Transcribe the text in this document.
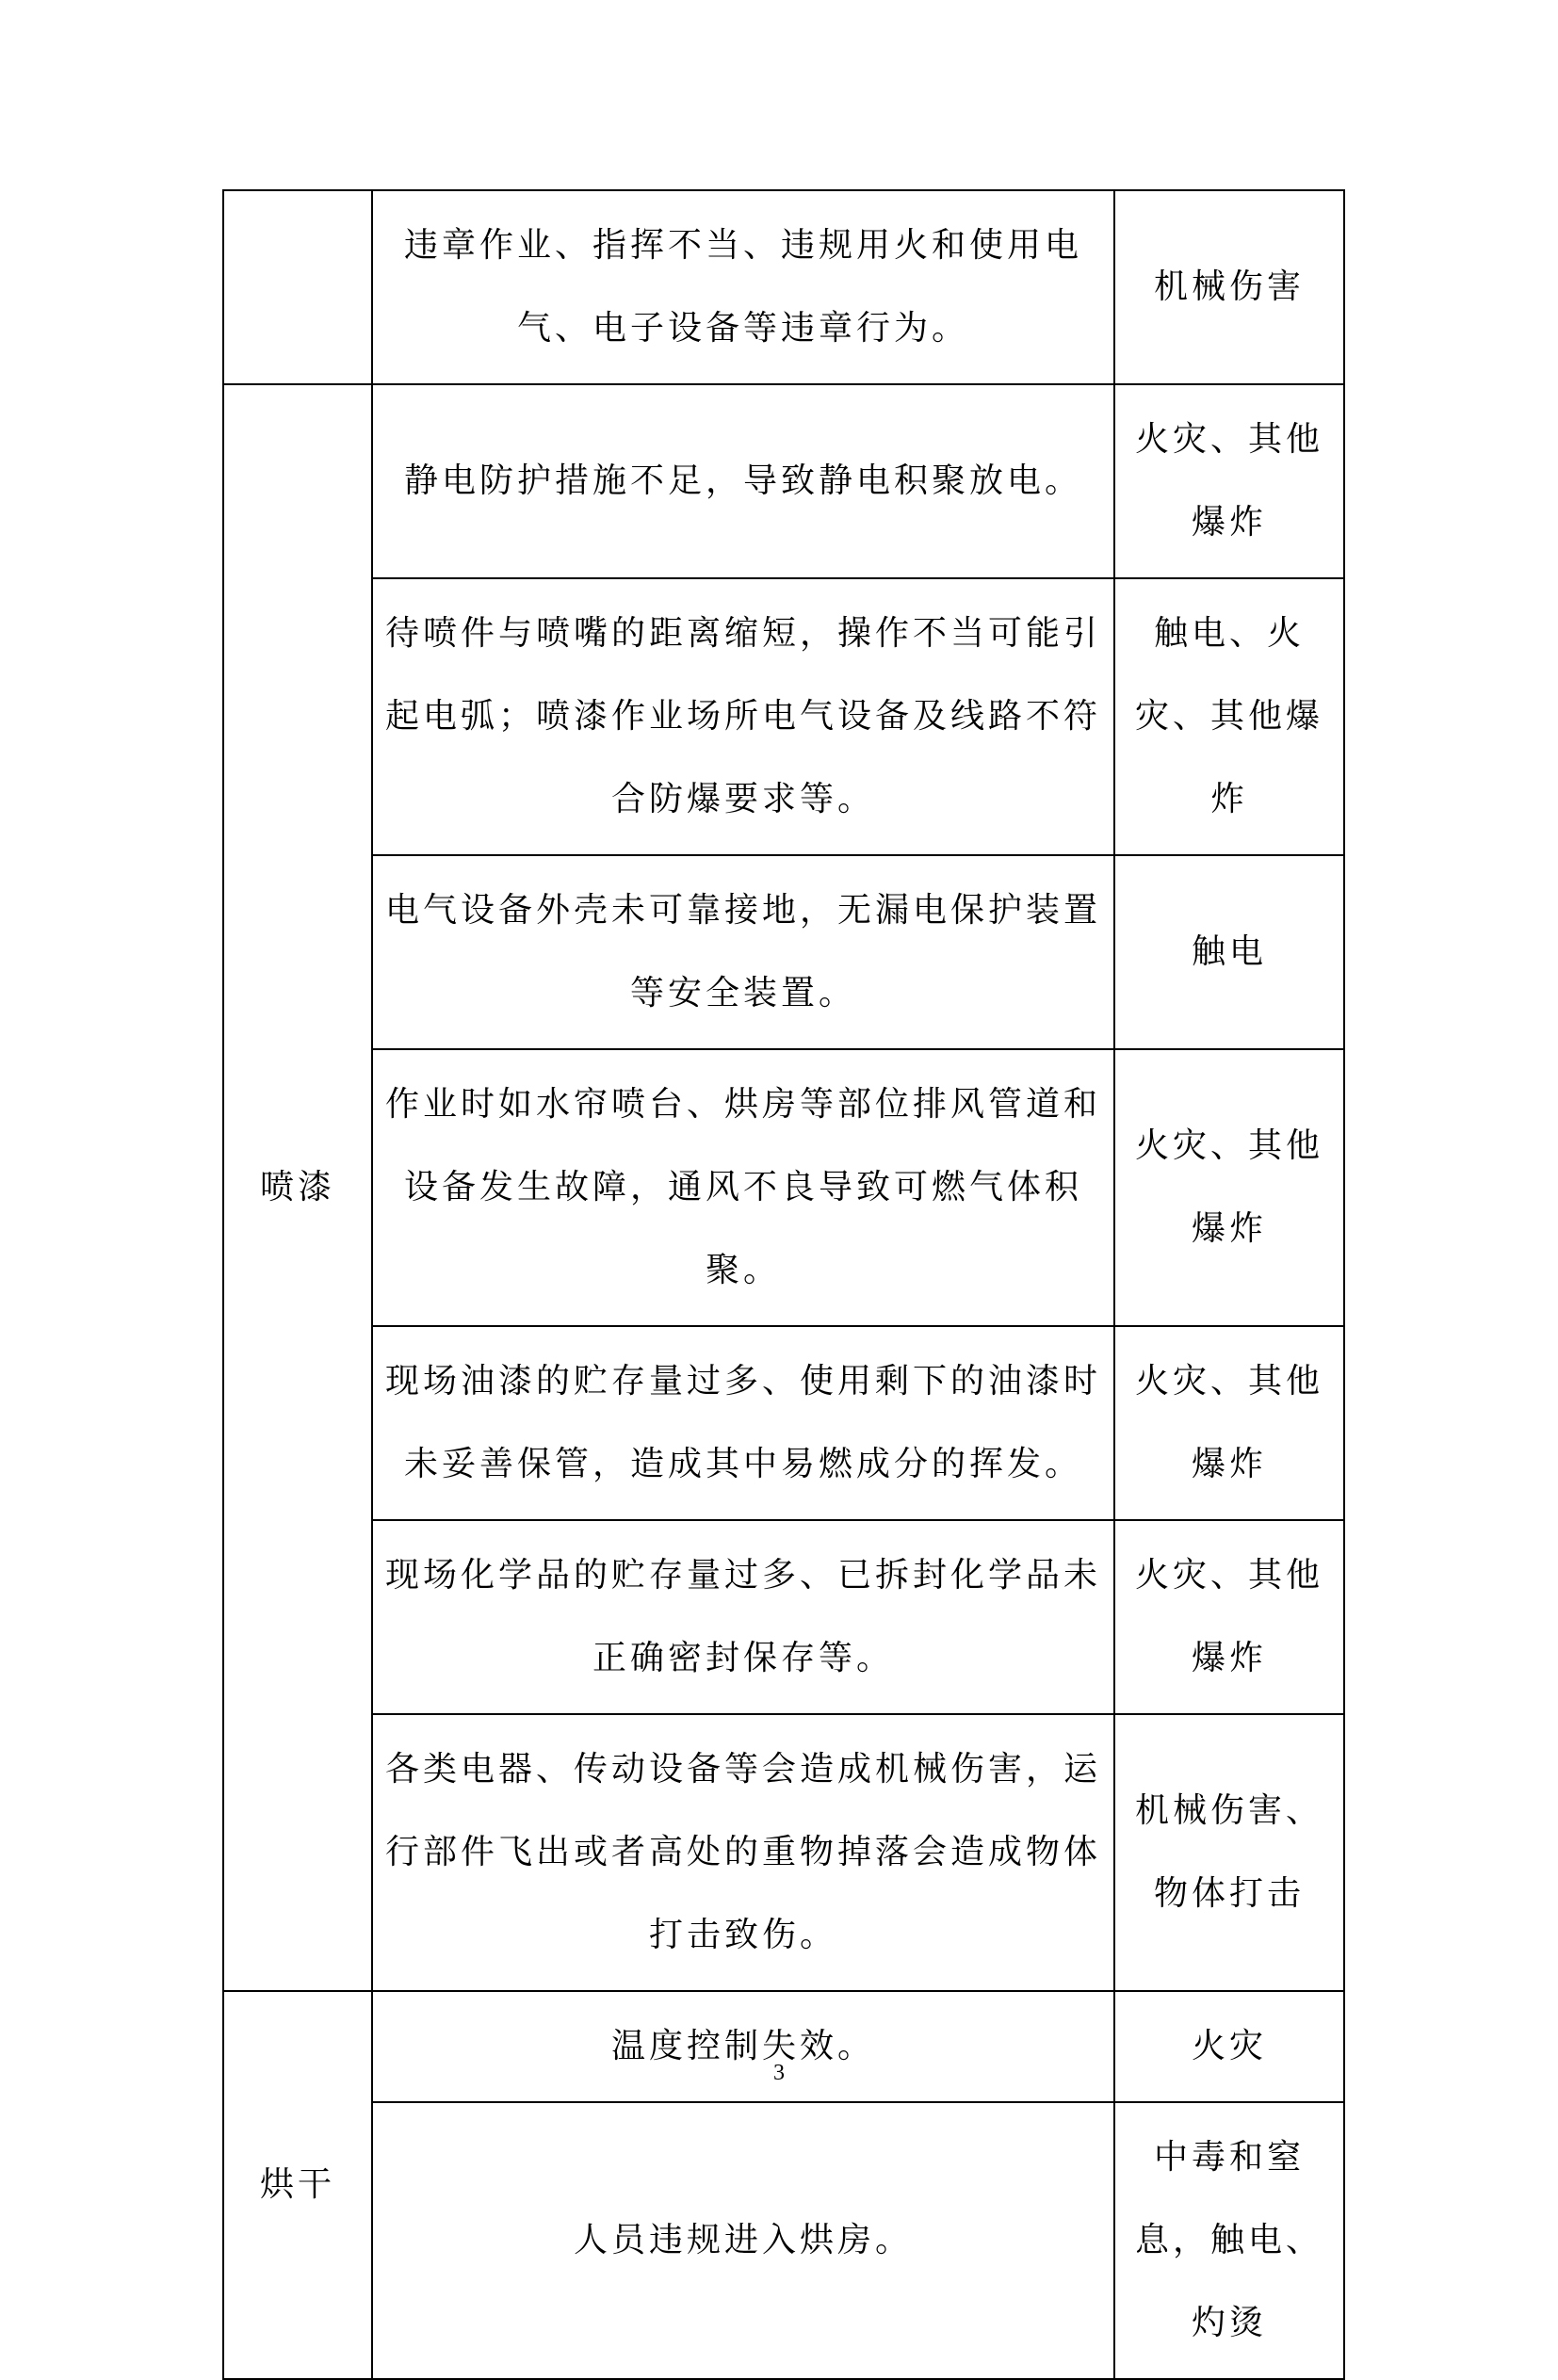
	违章作业、指挥不当、违规用火和使用电气、电子设备等违章行为。	机械伤害
喷漆	静电防护措施不足，导致静电积聚放电。	火灾、其他爆炸
	待喷件与喷嘴的距离缩短，操作不当可能引起电弧；喷漆作业场所电气设备及线路不符合防爆要求等。	触电、火灾、其他爆炸
	电气设备外壳未可靠接地，无漏电保护装置等安全装置。	触电
	作业时如水帘喷台、烘房等部位排风管道和设备发生故障，通风不良导致可燃气体积聚。	火灾、其他爆炸
	现场油漆的贮存量过多、使用剩下的油漆时未妥善保管，造成其中易燃成分的挥发。	火灾、其他爆炸
	现场化学品的贮存量过多、已拆封化学品未正确密封保存等。	火灾、其他爆炸
	各类电器、传动设备等会造成机械伤害，运行部件飞出或者高处的重物掉落会造成物体打击致伤。	机械伤害、物体打击
烘干	温度控制失效。	火灾
	人员违规进入烘房。	中毒和窒息，触电、灼烫
3
